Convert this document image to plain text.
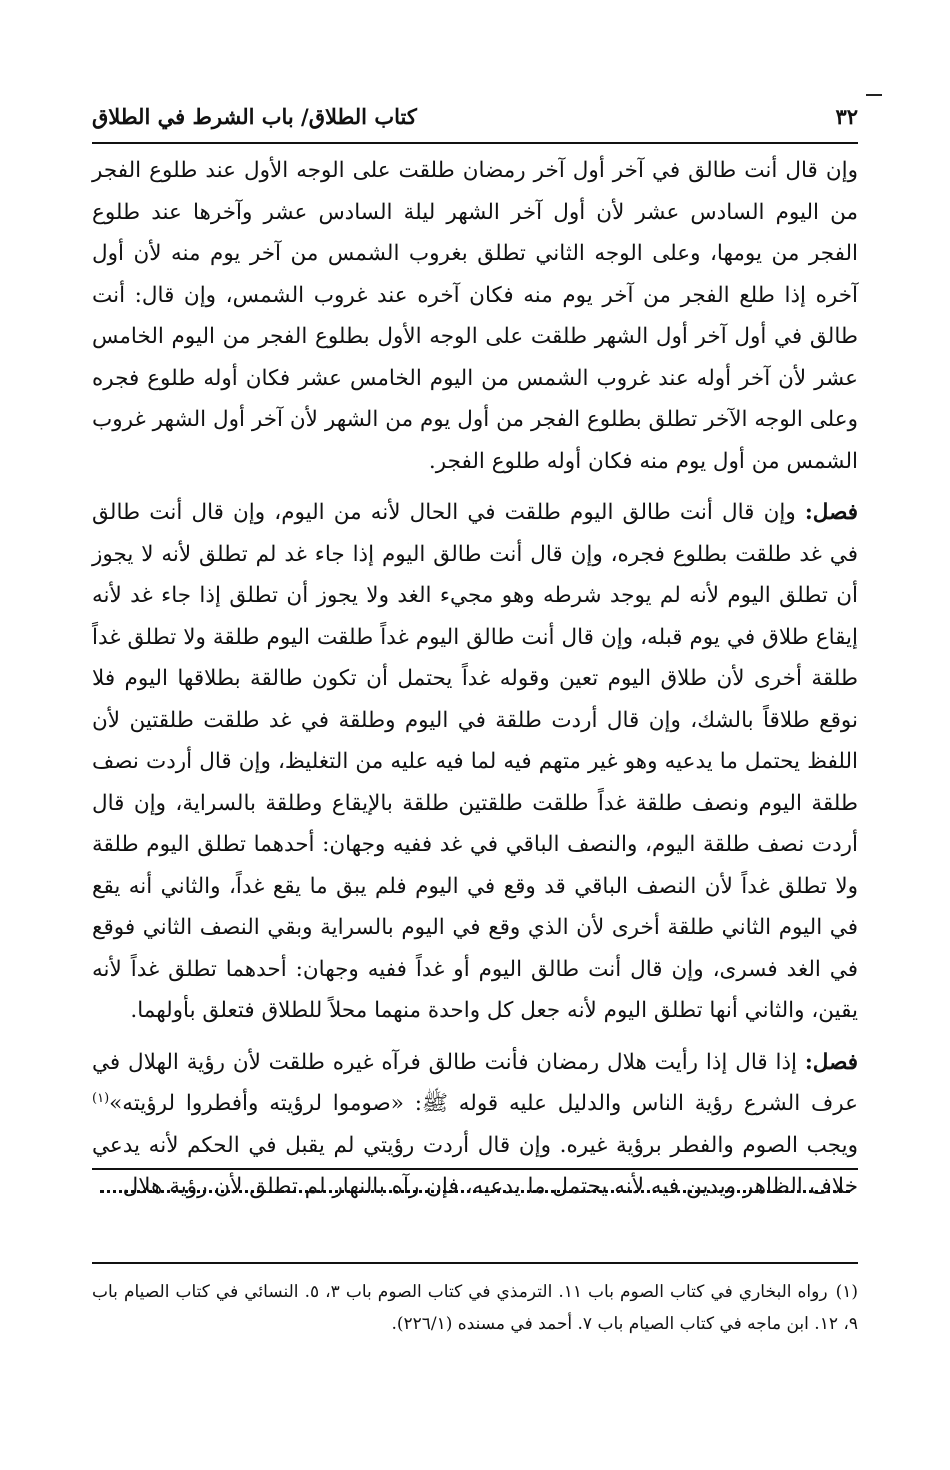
٣٢
كتاب الطلاق/ باب الشرط في الطلاق

وإن قال أنت طالق في آخر أول آخر رمضان طلقت على الوجه الأول عند طلوع الفجر من اليوم السادس عشر لأن أول آخر الشهر ليلة السادس عشر وآخرها عند طلوع الفجر من يومها، وعلى الوجه الثاني تطلق بغروب الشمس من آخر يوم منه لأن أول آخره إذا طلع الفجر من آخر يوم منه فكان آخره عند غروب الشمس، وإن قال: أنت طالق في أول آخر أول الشهر طلقت على الوجه الأول بطلوع الفجر من اليوم الخامس عشر لأن آخر أوله عند غروب الشمس من اليوم الخامس عشر فكان أوله طلوع فجره وعلى الوجه الآخر تطلق بطلوع الفجر من أول يوم من الشهر لأن آخر أول الشهر غروب الشمس من أول يوم منه فكان أوله طلوع الفجر.

فصل: وإن قال أنت طالق اليوم طلقت في الحال لأنه من اليوم، وإن قال أنت طالق في غد طلقت بطلوع فجره، وإن قال أنت طالق اليوم إذا جاء غد لم تطلق لأنه لا يجوز أن تطلق اليوم لأنه لم يوجد شرطه وهو مجيء الغد ولا يجوز أن تطلق إذا جاء غد لأنه إيقاع طلاق في يوم قبله، وإن قال أنت طالق اليوم غداً طلقت اليوم طلقة ولا تطلق غداً طلقة أخرى لأن طلاق اليوم تعين وقوله غداً يحتمل أن تكون طالقة بطلاقها اليوم فلا نوقع طلاقاً بالشك، وإن قال أردت طلقة في اليوم وطلقة في غد طلقت طلقتين لأن اللفظ يحتمل ما يدعيه وهو غير متهم فيه لما فيه عليه من التغليظ، وإن قال أردت نصف طلقة اليوم ونصف طلقة غداً طلقت طلقتين طلقة بالإيقاع وطلقة بالسراية، وإن قال أردت نصف طلقة اليوم، والنصف الباقي في غد ففيه وجهان: أحدهما تطلق اليوم طلقة ولا تطلق غداً لأن النصف الباقي قد وقع في اليوم فلم يبق ما يقع غداً، والثاني أنه يقع في اليوم الثاني طلقة أخرى لأن الذي وقع في اليوم بالسراية وبقي النصف الثاني فوقع في الغد فسرى، وإن قال أنت طالق اليوم أو غداً ففيه وجهان: أحدهما تطلق غداً لأنه يقين، والثاني أنها تطلق اليوم لأنه جعل كل واحدة منهما محلاً للطلاق فتعلق بأولهما.

فصل: إذا قال إذا رأيت هلال رمضان فأنت طالق فرآه غيره طلقت لأن رؤية الهلال في عرف الشرع رؤية الناس والدليل عليه قوله ﷺ: «صوموا لرؤيته وأفطروا لرؤيته»$^{(١)}$ ويجب الصوم والفطر برؤية غيره. وإن قال أردت رؤيتي لم يقبل في الحكم لأنه يدعي خلاف الظاهر ويدين فيه لأنه يحتمل ما يدعيه، فإن رآه بالنهار لم تطلق لأن رؤية هلال

(١)رواه البخاري في كتاب الصوم باب ١١. الترمذي في كتاب الصوم باب ٣، ٥. النسائي في كتاب الصيام باب ٩، ١٢. ابن ماجه في كتاب الصيام باب ٧. أحمد في مسنده (٢٢٦/١).
